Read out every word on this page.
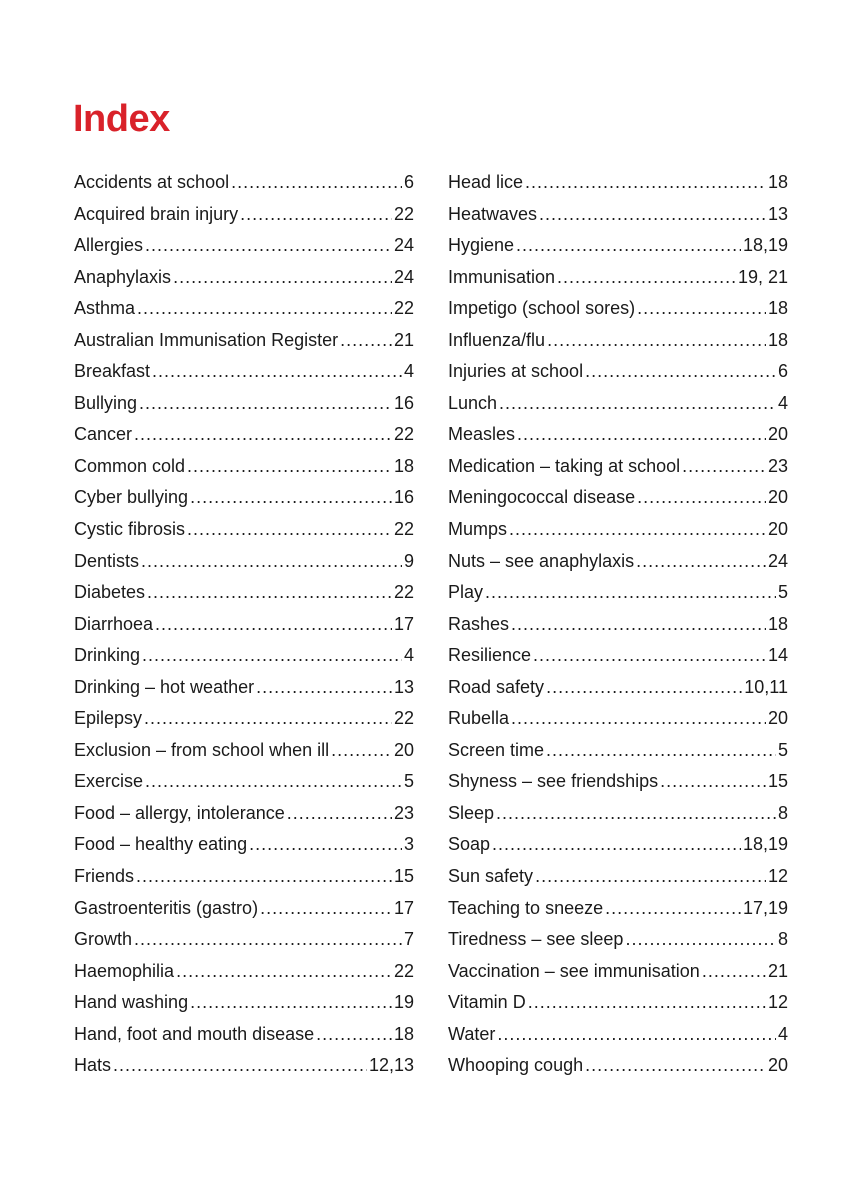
Index
Accidents at school .....	6
Acquired brain injury .....	22
Allergies .....	24
Anaphylaxis .....	24
Asthma .....	22
Australian Immunisation Register .....	21
Breakfast .....	4
Bullying .....	16
Cancer .....	22
Common cold .....	18
Cyber bullying .....	16
Cystic fibrosis .....	22
Dentists .....	9
Diabetes .....	22
Diarrhoea .....	17
Drinking .....	4
Drinking – hot weather .....	13
Epilepsy .....	22
Exclusion – from school when ill .....	20
Exercise .....	5
Food – allergy, intolerance .....	23
Food – healthy eating .....	3
Friends .....	15
Gastroenteritis (gastro) .....	17
Growth .....	7
Haemophilia .....	22
Hand washing .....	19
Hand, foot and mouth disease .....	18
Hats .....	12,13
Head lice .....	18
Heatwaves .....	13
Hygiene .....	18,19
Immunisation .....	19, 21
Impetigo (school sores) .....	18
Influenza/flu .....	18
Injuries at school .....	6
Lunch .....	4
Measles .....	20
Medication – taking at school .....	23
Meningococcal disease .....	20
Mumps .....	20
Nuts – see anaphylaxis .....	24
Play .....	5
Rashes .....	18
Resilience .....	14
Road safety .....	10,11
Rubella .....	20
Screen time .....	5
Shyness – see friendships .....	15
Sleep .....	8
Soap .....	18,19
Sun safety .....	12
Teaching to sneeze .....	17,19
Tiredness – see sleep .....	8
Vaccination – see immunisation .....	21
Vitamin D .....	12
Water .....	4
Whooping cough .....	20
